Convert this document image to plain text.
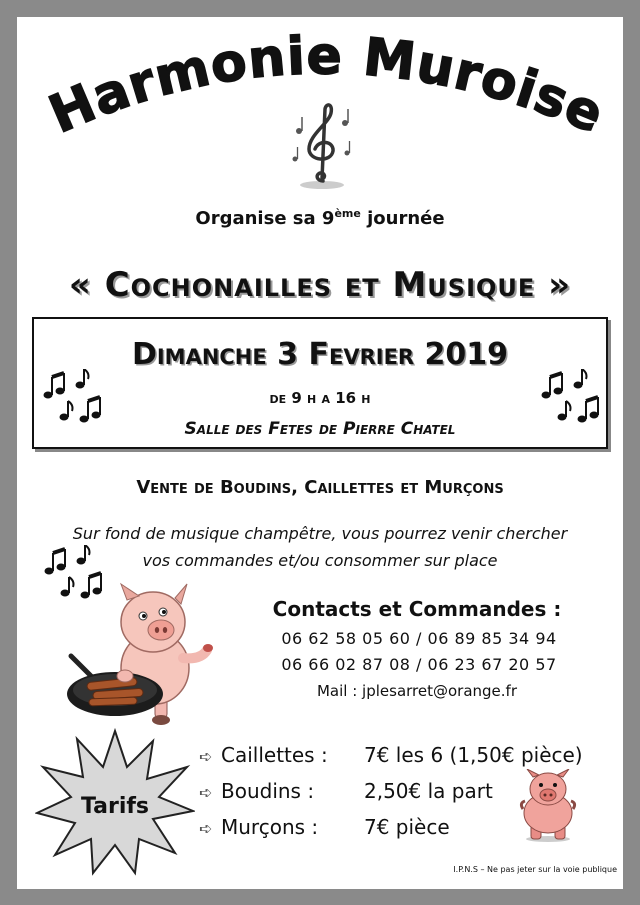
Harmonie Muroise
Organise sa 9ème journée
« Cochonailles et Musique »
Dimanche 3 Fevrier 2019
de 9 h a 16 h
Salle des Fetes de Pierre Chatel
Vente de Boudins, Caillettes et Murçons
Sur fond de musique champêtre, vous pourrez venir chercher
vos commandes et/ou consommer sur place
Contacts et Commandes :
06 62 58 05 60 / 06 89 85 34 94
06 66 02 87 08 / 06 23 67 20 57
Mail : jplesarret@orange.fr
Tarifs
➪ Caillettes : 7€ les 6 (1,50€ pièce)
➪ Boudins : 2,50€ la part
➪ Murçons : 7€ pièce
I.P.N.S – Ne pas jeter sur la voie publique
